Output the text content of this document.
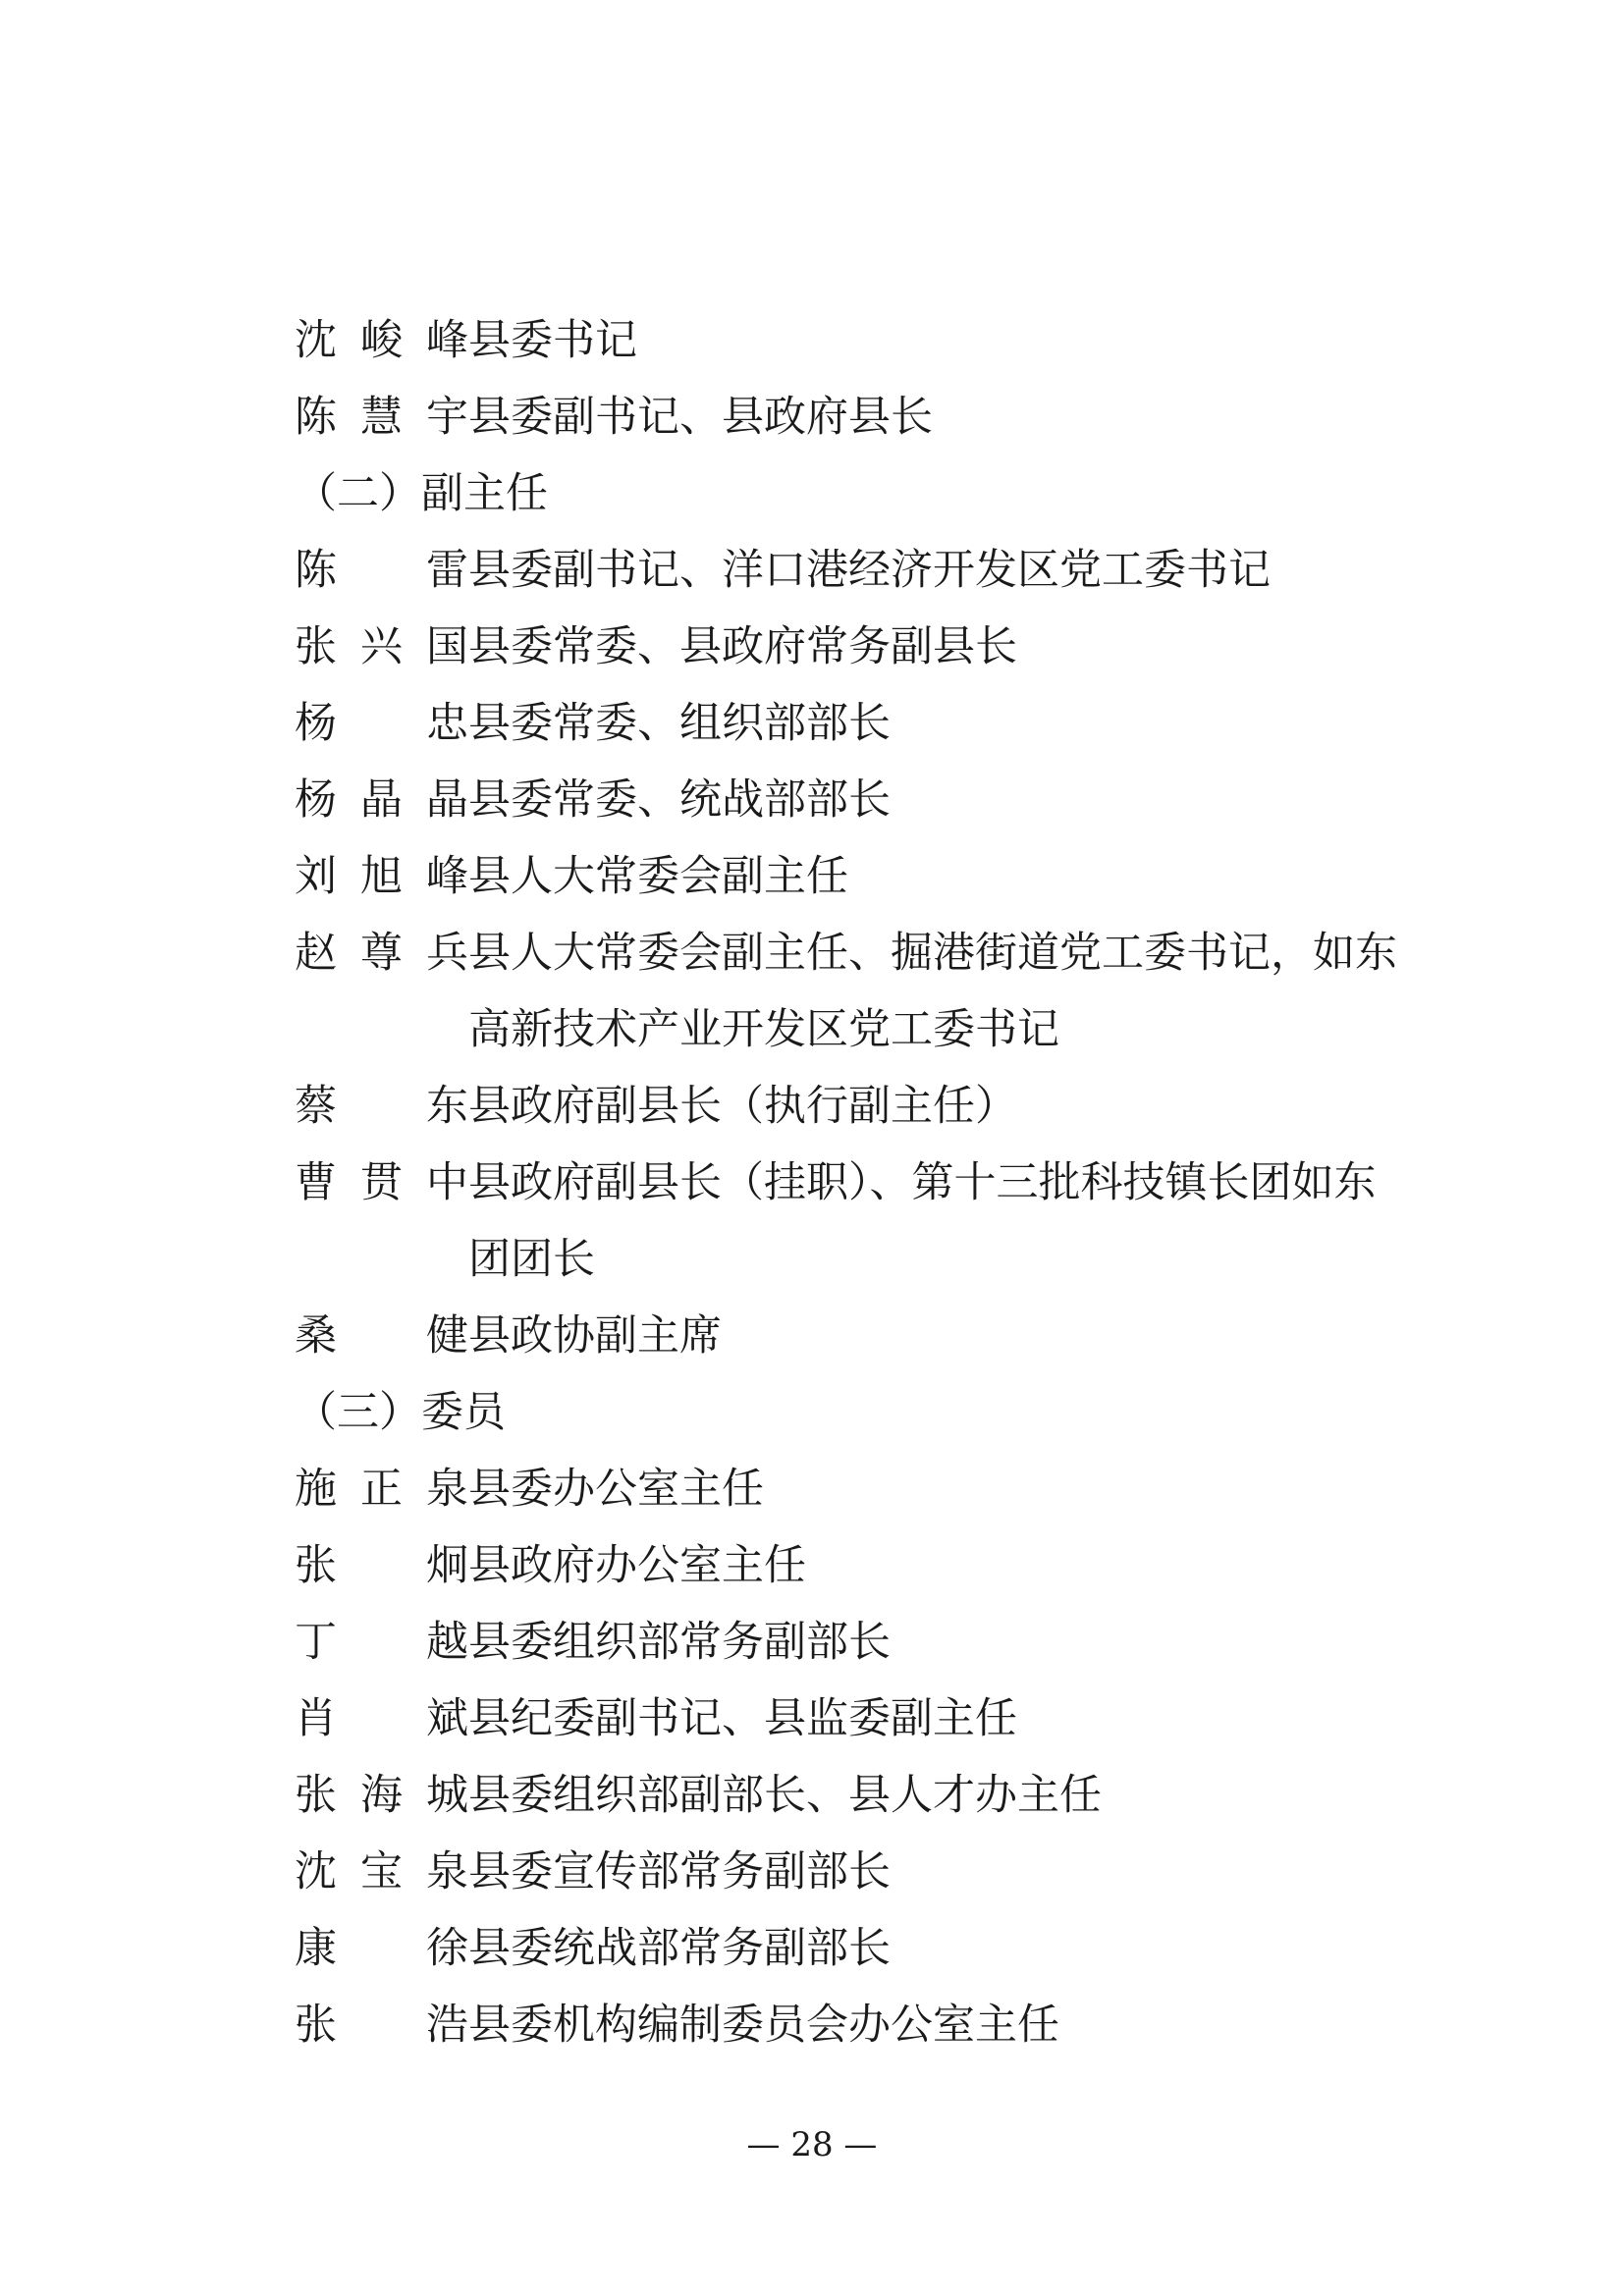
沈 峻 峰 县委书记
陈 慧 宇 县委副书记、县政府县长
（二）副主任
陈
雷 县委副书记、洋口港经济开发区党工委书记
张 兴 国 县委常委、县政府常务副县长
杨
忠 县委常委、组织部部长
杨 晶 晶 县委常委、统战部部长
刘 旭 峰 县人大常委会副主任
赵 尊 兵 县人大常委会副主任、掘港街道党工委书记，如东
高新技术产业开发区党工委书记
蔡
东 县政府副县长（执行副主任）
曹 贯 中 县政府副县长（挂职）、第十三批科技镇长团如东
团团长
桑
健 县政协副主席
（三）委员
施 正 泉 县委办公室主任
张
炯 县政府办公室主任
丁
越 县委组织部常务副部长
肖
斌 县纪委副书记、县监委副主任
张 海 城 县委组织部副部长、县人才办主任
沈 宝 泉 县委宣传部常务副部长
康
徐 县委统战部常务副部长
张
浩 县委机构编制委员会办公室主任
— 28 —
